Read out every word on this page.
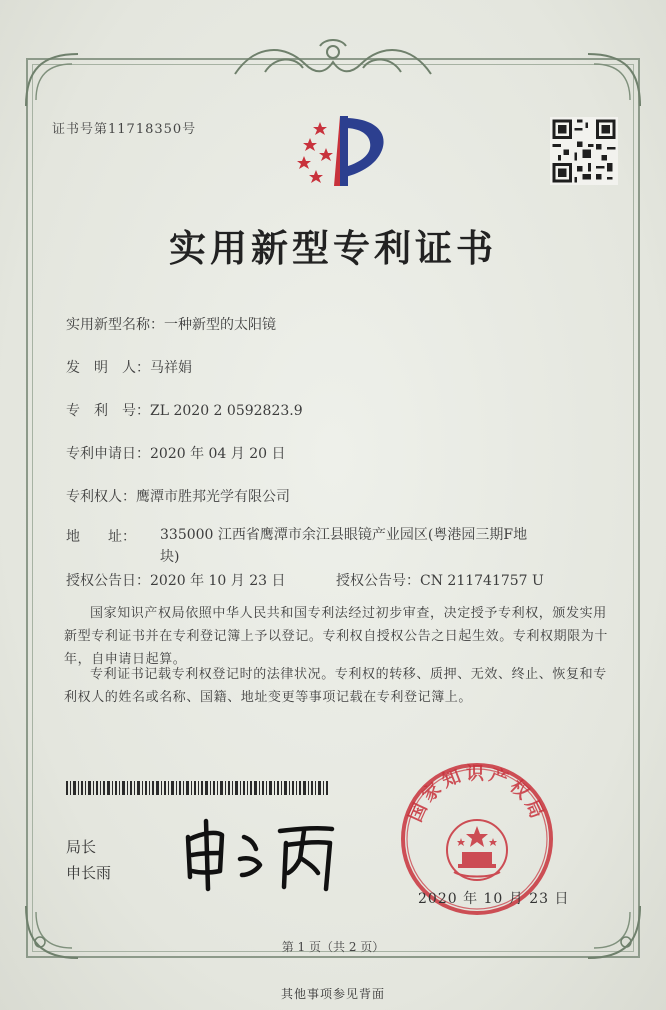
证书号第11718350号
实用新型专利证书
实用新型名称：一种新型的太阳镜
发　明　人：马祥娟
专　利　号：ZL 2020 2 0592823.9
专利申请日：2020 年 04 月 20 日
专利权人：鹰潭市胜邦光学有限公司
地　　址： 335000 江西省鹰潭市余江县眼镜产业园区(粤港园三期F地块)
授权公告日：2020 年 10 月 23 日	授权公告号：CN 211741757 U
国家知识产权局依照中华人民共和国专利法经过初步审查，决定授予专利权，颁发实用新型专利证书并在专利登记簿上予以登记。专利权自授权公告之日起生效。专利权期限为十年，自申请日起算。
专利证书记载专利权登记时的法律状况。专利权的转移、质押、无效、终止、恢复和专利权人的姓名或名称、国籍、地址变更等事项记载在专利登记簿上。
局长
申长雨
国家知识产权局
2020 年 10 月 23 日
第 1 页（共 2 页）
其他事项参见背面
